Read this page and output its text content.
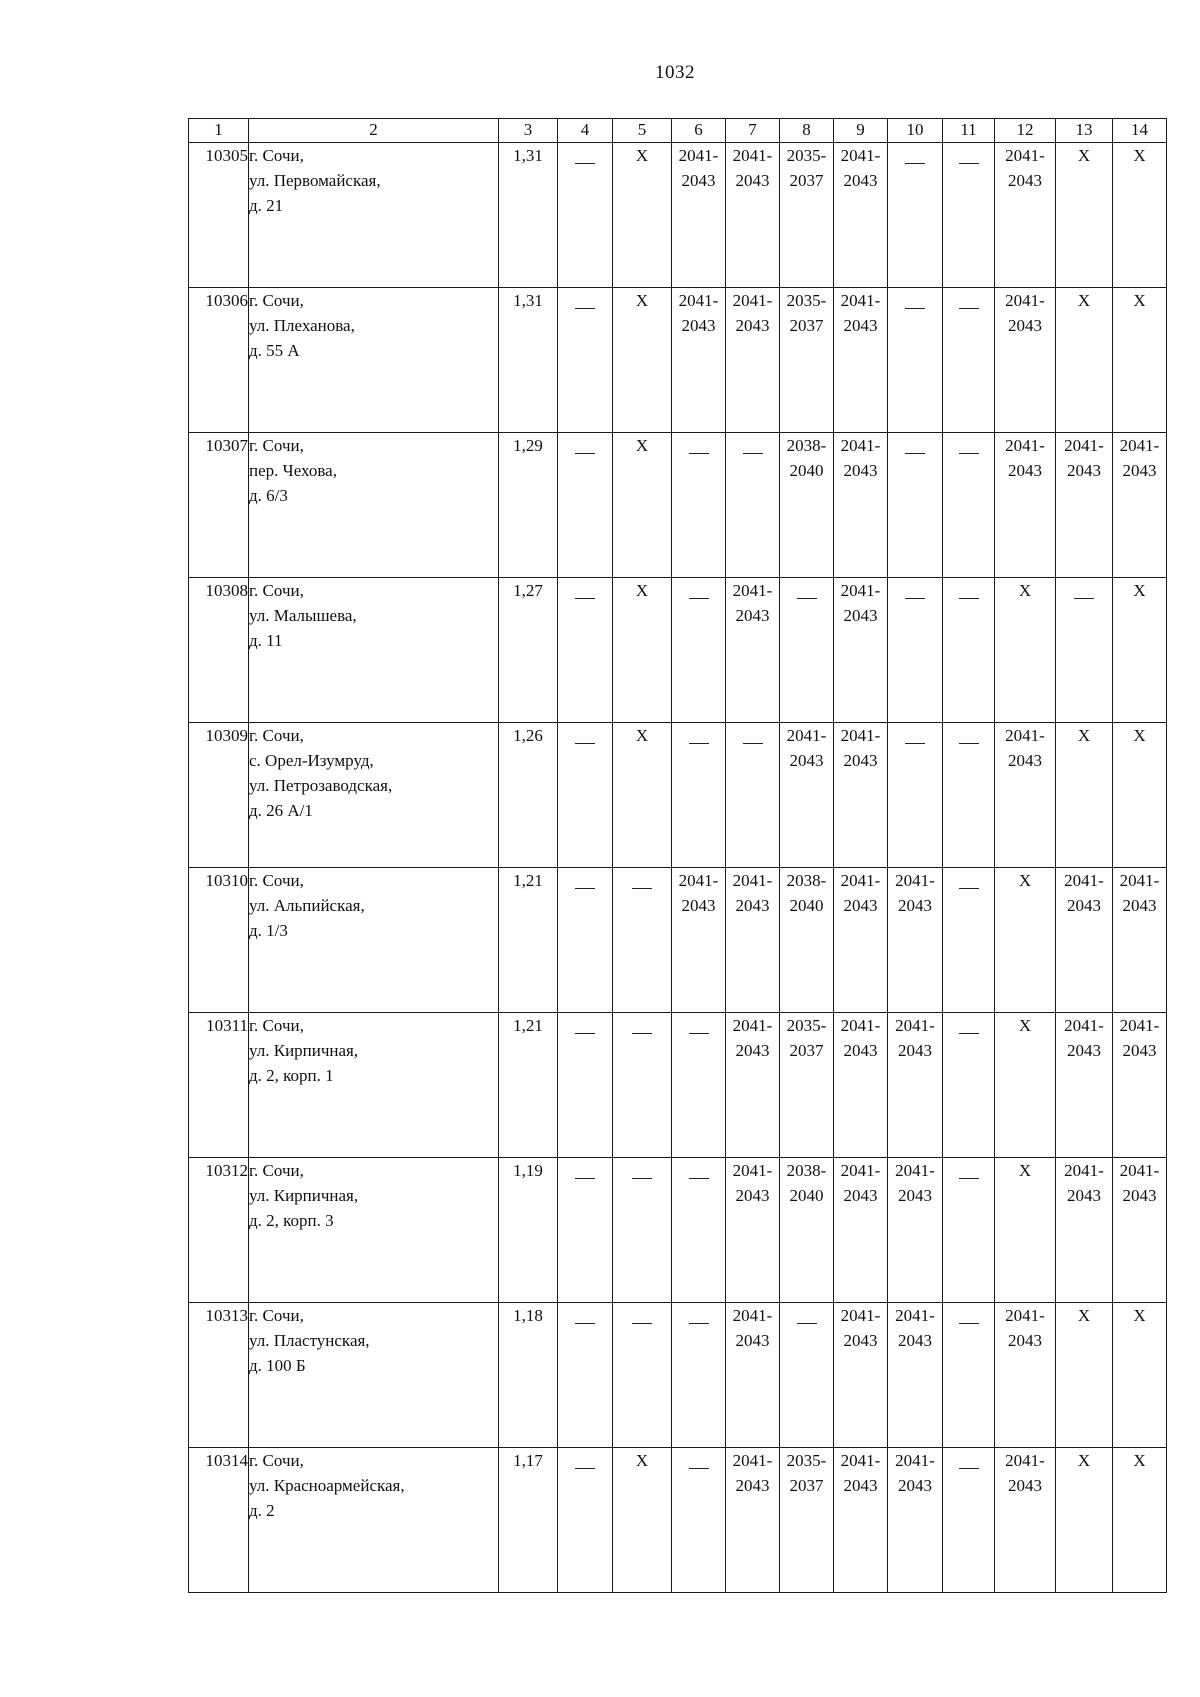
1032
1	2	3	4	5	6	7	8	9	10	11	12	13	14
10305	г. Сочи,
ул. Первомайская,
д. 21	1,31		Х	2041-
2043	2041-
2043	2035-
2037	2041-
2043			2041-
2043	Х	Х
10306	г. Сочи,
ул. Плеханова,
д. 55 А	1,31		Х	2041-
2043	2041-
2043	2035-
2037	2041-
2043			2041-
2043	Х	Х
10307	г. Сочи,
пер. Чехова,
д. 6/3	1,29		Х			2038-
2040	2041-
2043			2041-
2043	2041-
2043	2041-
2043
10308	г. Сочи,
ул. Малышева,
д. 11	1,27		Х		2041-
2043		2041-
2043			Х		Х
10309	г. Сочи,
с. Орел-Изумруд,
ул. Петрозаводская,
д. 26 А/1	1,26		Х			2041-
2043	2041-
2043			2041-
2043	Х	Х
10310	г. Сочи,
ул. Альпийская,
д. 1/3	1,21			2041-
2043	2041-
2043	2038-
2040	2041-
2043	2041-
2043		Х	2041-
2043	2041-
2043
10311	г. Сочи,
ул. Кирпичная,
д. 2, корп. 1	1,21				2041-
2043	2035-
2037	2041-
2043	2041-
2043		Х	2041-
2043	2041-
2043
10312	г. Сочи,
ул. Кирпичная,
д. 2, корп. 3	1,19				2041-
2043	2038-
2040	2041-
2043	2041-
2043		Х	2041-
2043	2041-
2043
10313	г. Сочи,
ул. Пластунская,
д. 100 Б	1,18				2041-
2043		2041-
2043	2041-
2043		2041-
2043	Х	Х
10314	г. Сочи,
ул. Красноармейская,
д. 2	1,17		Х		2041-
2043	2035-
2037	2041-
2043	2041-
2043		2041-
2043	Х	Х
